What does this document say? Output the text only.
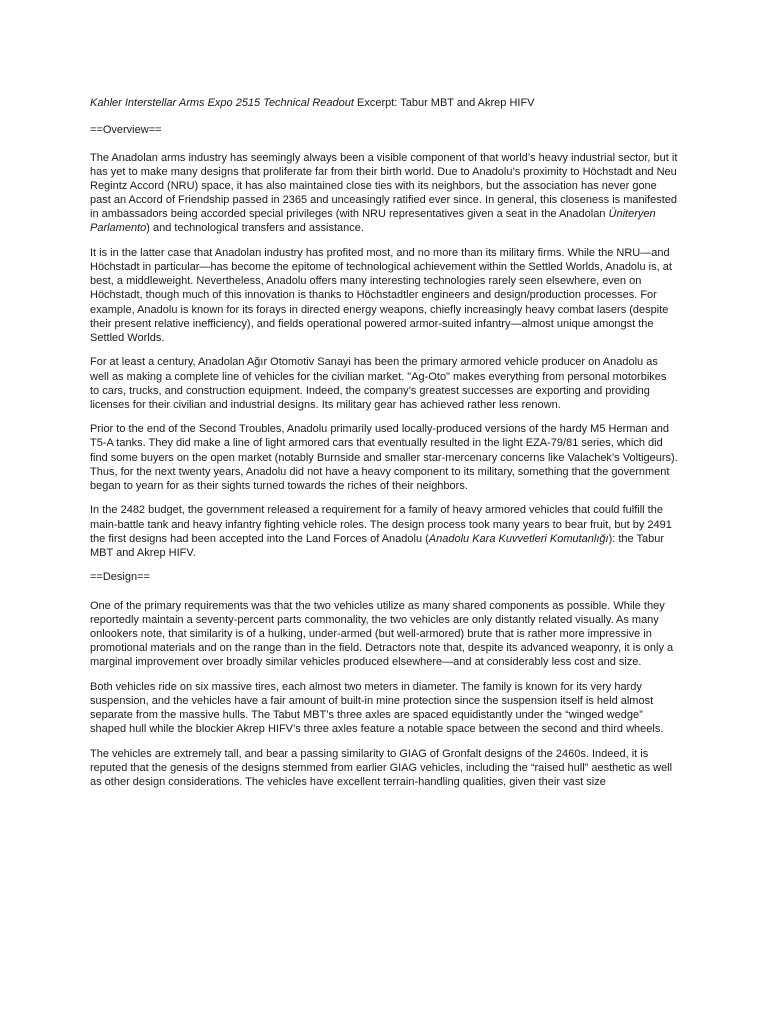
Kahler Interstellar Arms Expo 2515 Technical Readout Excerpt: Tabur MBT and Akrep HIFV

==Overview==

The Anadolan arms industry has seemingly always been a visible component of that world’s heavy industrial sector, but it has yet to make many designs that proliferate far from their birth world. Due to Anadolu’s proximity to Höchstadt and Neu Regintz Accord (NRU) space, it has also maintained close ties with its neighbors, but the association has never gone past an Accord of Friendship passed in 2365 and unceasingly ratified ever since. In general, this closeness is manifested in ambassadors being accorded special privileges (with NRU representatives given a seat in the Anadolan Üniteryen Parlamento) and technological transfers and assistance.

It is in the latter case that Anadolan industry has profited most, and no more than its military firms. While the NRU—and Höchstadt in particular—has become the epitome of technological achievement within the Settled Worlds, Anadolu is, at best, a middleweight. Nevertheless, Anadolu offers many interesting technologies rarely seen elsewhere, even on Höchstadt, though much of this innovation is thanks to Höchstadtler engineers and design/production processes. For example, Anadolu is known for its forays in directed energy weapons, chiefly increasingly heavy combat lasers (despite their present relative inefficiency), and fields operational powered armor-suited infantry—almost unique amongst the Settled Worlds.

For at least a century, Anadolan Ağır Otomotiv Sanayi has been the primary armored vehicle producer on Anadolu as well as making a complete line of vehicles for the civilian market. "Ag-Oto" makes everything from personal motorbikes to cars, trucks, and construction equipment. Indeed, the company’s greatest successes are exporting and providing licenses for their civilian and industrial designs. Its military gear has achieved rather less renown.

Prior to the end of the Second Troubles, Anadolu primarily used locally-produced versions of the hardy M5 Herman and T5-A tanks. They did make a line of light armored cars that eventually resulted in the light EZA-79/81 series, which did find some buyers on the open market (notably Burnside and smaller star-mercenary concerns like Valachek’s Voltigeurs). Thus, for the next twenty years, Anadolu did not have a heavy component to its military, something that the government began to yearn for as their sights turned towards the riches of their neighbors.

In the 2482 budget, the government released a requirement for a family of heavy armored vehicles that could fulfill the main-battle tank and heavy infantry fighting vehicle roles. The design process took many years to bear fruit, but by 2491 the first designs had been accepted into the Land Forces of Anadolu (Anadolu Kara Kuvvetleri Komutanlığı): the Tabur MBT and Akrep HIFV.

==Design==

One of the primary requirements was that the two vehicles utilize as many shared components as possible. While they reportedly maintain a seventy-percent parts commonality, the two vehicles are only distantly related visually. As many onlookers note, that similarity is of a hulking, under-armed (but well-armored) brute that is rather more impressive in promotional materials and on the range than in the field. Detractors note that, despite its advanced weaponry, it is only a marginal improvement over broadly similar vehicles produced elsewhere—and at considerably less cost and size.

Both vehicles ride on six massive tires, each almost two meters in diameter. The family is known for its very hardy suspension, and the vehicles have a fair amount of built-in mine protection since the suspension itself is held almost separate from the massive hulls. The Tabut MBT’s three axles are spaced equidistantly under the “winged wedge” shaped hull while the blockier Akrep HIFV’s three axles feature a notable space between the second and third wheels.

The vehicles are extremely tall, and bear a passing similarity to GIAG of Gronfalt designs of the 2460s. Indeed, it is reputed that the genesis of the designs stemmed from earlier GIAG vehicles, including the “raised hull” aesthetic as well as other design considerations. The vehicles have excellent terrain-handling qualities, given their vast size
